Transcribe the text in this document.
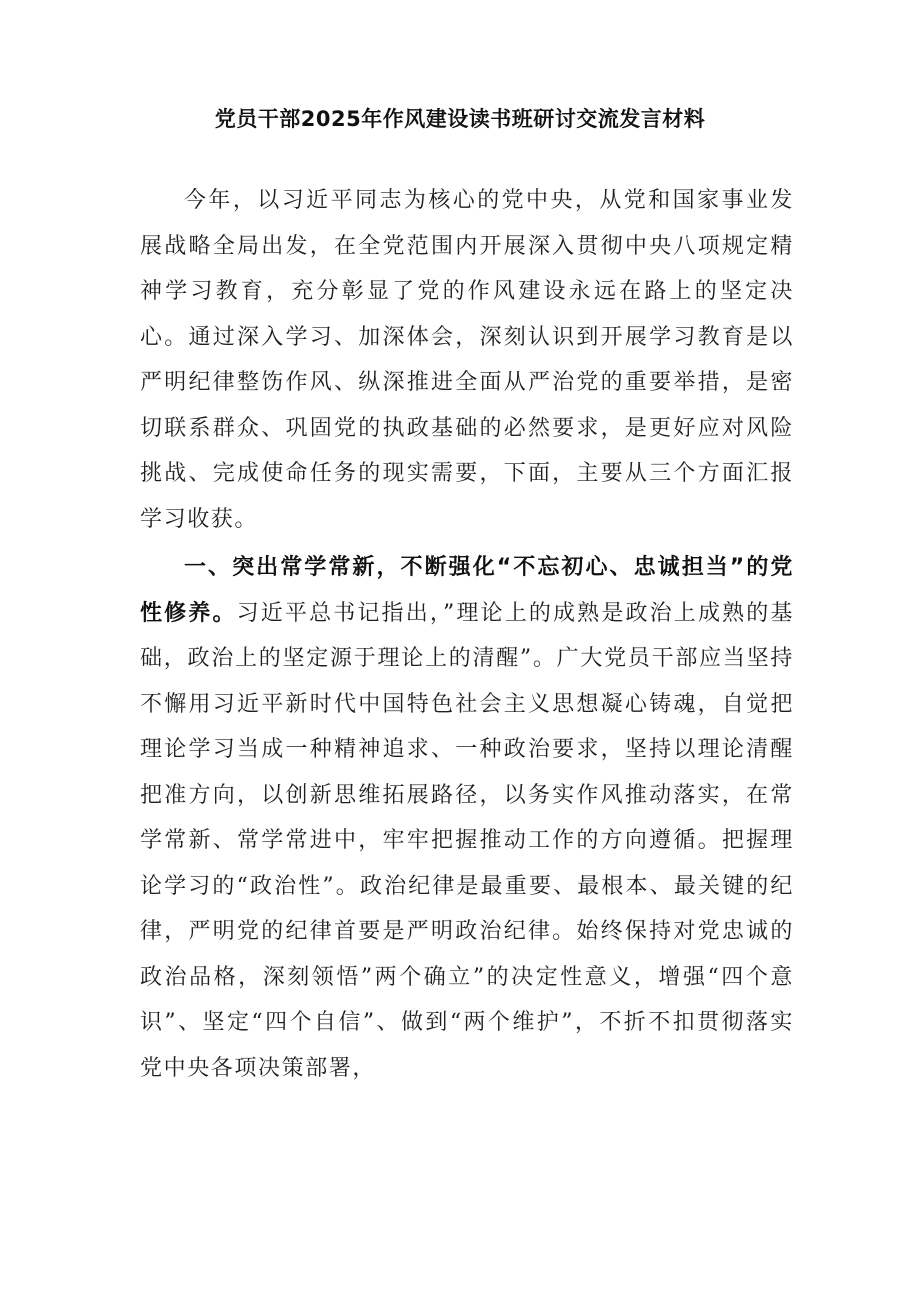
党员干部2025年作风建设读书班研讨交流发言材料

今年，以习近平同志为核心的党中央，从党和国家事业发展战略全局出发，在全党范围内开展深入贯彻中央八项规定精神学习教育，充分彰显了党的作风建设永远在路上的坚定决心。通过深入学习、加深体会，深刻认识到开展学习教育是以严明纪律整饬作风、纵深推进全面从严治党的重要举措，是密切联系群众、巩固党的执政基础的必然要求，是更好应对风险挑战、完成使命任务的现实需要，下面，主要从三个方面汇报学习收获。

一、突出常学常新，不断强化“不忘初心、忠诚担当”的党性修养。习近平总书记指出，”理论上的成熟是政治上成熟的基础，政治上的坚定源于理论上的清醒”。广大党员干部应当坚持不懈用习近平新时代中国特色社会主义思想凝心铸魂，自觉把理论学习当成一种精神追求、一种政治要求，坚持以理论清醒把准方向，以创新思维拓展路径，以务实作风推动落实，在常学常新、常学常进中，牢牢把握推动工作的方向遵循。把握理论学习的“政治性”。政治纪律是最重要、最根本、最关键的纪律，严明党的纪律首要是严明政治纪律。始终保持对党忠诚的政治品格，深刻领悟”两个确立”的决定性意义，增强“四个意识”、坚定“四个自信”、做到“两个维护”，不折不扣贯彻落实党中央各项决策部署，
